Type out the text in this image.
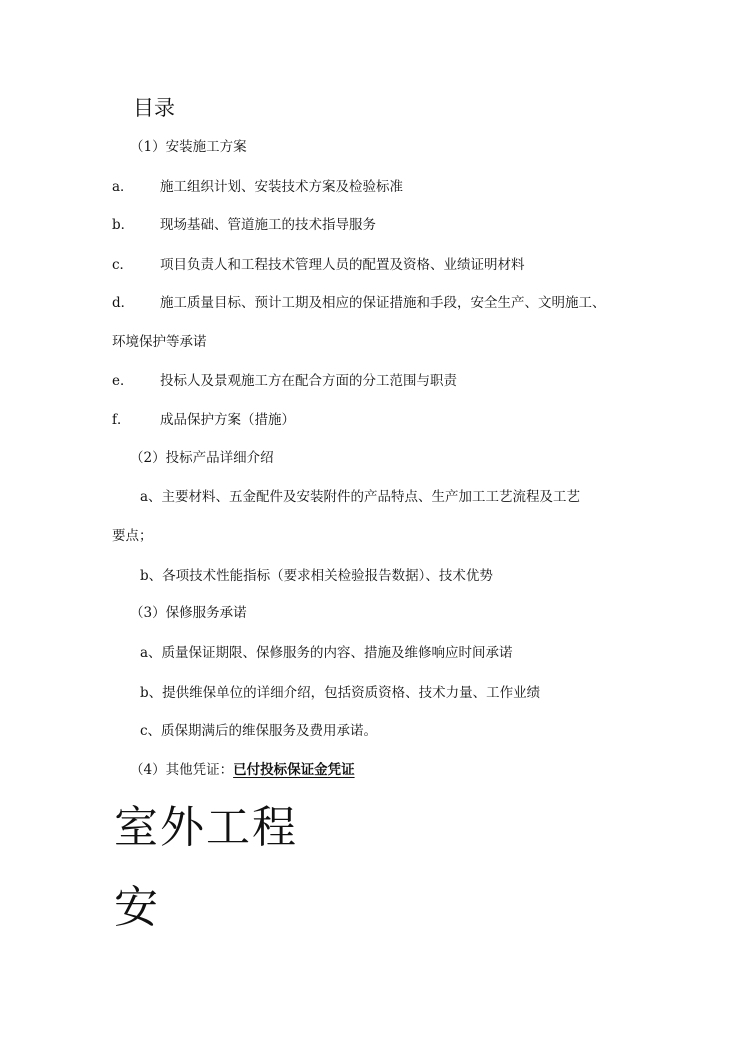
目录
（1）安装施工方案
a． 施工组织计划、安装技术方案及检验标准
b． 现场基础、管道施工的技术指导服务
c． 项目负责人和工程技术管理人员的配置及资格、业绩证明材料
d． 施工质量目标、预计工期及相应的保证措施和手段，安全生产、文明施工、
环境保护等承诺
e． 投标人及景观施工方在配合方面的分工范围与职责
f． 成品保护方案（措施）
（2）投标产品详细介绍
a、主要材料、五金配件及安装附件的产品特点、生产加工工艺流程及工艺
要点；
b、各项技术性能指标（要求相关检验报告数据）、技术优势
（3）保修服务承诺
a、质量保证期限、保修服务的内容、措施及维修响应时间承诺
b、提供维保单位的详细介绍，包括资质资格、技术力量、工作业绩
c、质保期满后的维保服务及费用承诺。
（4）其他凭证：已付投标保证金凭证
室外工程
安
